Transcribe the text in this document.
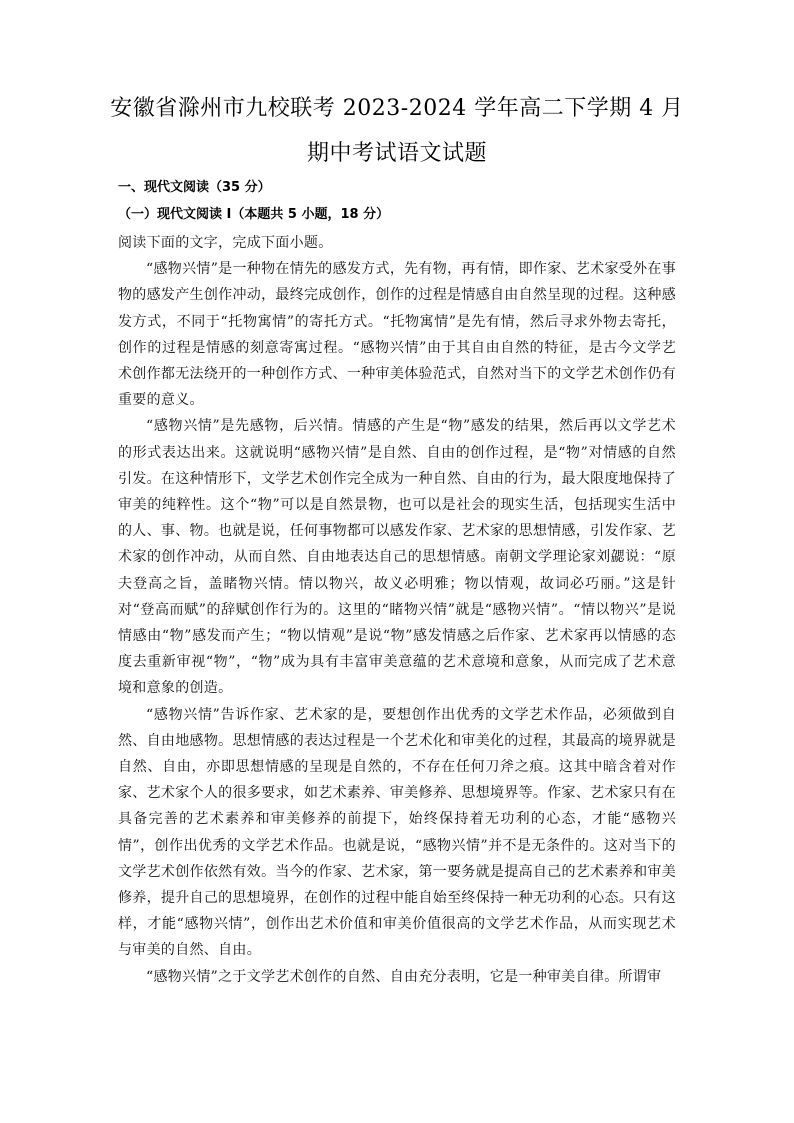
安徽省滁州市九校联考 2023-2024 学年高二下学期 4 月
期中考试语文试题
一、现代文阅读（35 分）
（一）现代文阅读 I（本题共 5 小题，18 分）

阅读下面的文字，完成下面小题。

“感物兴情”是一种物在情先的感发方式，先有物，再有情，即作家、艺术家受外在事物的感发产生创作冲动，最终完成创作，创作的过程是情感自由自然呈现的过程。这种感发方式，不同于“托物寓情”的寄托方式。“托物寓情”是先有情，然后寻求外物去寄托，创作的过程是情感的刻意寄寓过程。“感物兴情”由于其自由自然的特征，是古今文学艺术创作都无法绕开的一种创作方式、一种审美体验范式，自然对当下的文学艺术创作仍有重要的意义。

“感物兴情”是先感物，后兴情。情感的产生是“物”感发的结果，然后再以文学艺术的形式表达出来。这就说明“感物兴情”是自然、自由的创作过程，是“物”对情感的自然引发。在这种情形下，文学艺术创作完全成为一种自然、自由的行为，最大限度地保持了审美的纯粹性。这个“物”可以是自然景物，也可以是社会的现实生活，包括现实生活中的人、事、物。也就是说，任何事物都可以感发作家、艺术家的思想情感，引发作家、艺术家的创作冲动，从而自然、自由地表达自己的思想情感。南朝文学理论家刘勰说：“原夫登高之旨，盖睹物兴情。情以物兴，故义必明雅；物以情观，故词必巧丽。”这是针对“登高而赋”的辞赋创作行为的。这里的“睹物兴情”就是“感物兴情”。“情以物兴”是说情感由“物”感发而产生；“物以情观”是说“物”感发情感之后作家、艺术家再以情感的态度去重新审视“物”，“物”成为具有丰富审美意蕴的艺术意境和意象，从而完成了艺术意境和意象的创造。

“感物兴情”告诉作家、艺术家的是，要想创作出优秀的文学艺术作品，必须做到自然、自由地感物。思想情感的表达过程是一个艺术化和审美化的过程，其最高的境界就是自然、自由，亦即思想情感的呈现是自然的，不存在任何刀斧之痕。这其中暗含着对作家、艺术家个人的很多要求，如艺术素养、审美修养、思想境界等。作家、艺术家只有在具备完善的艺术素养和审美修养的前提下，始终保持着无功利的心态，才能“感物兴情”，创作出优秀的文学艺术作品。也就是说，“感物兴情”并不是无条件的。这对当下的文学艺术创作依然有效。当今的作家、艺术家，第一要务就是提高自己的艺术素养和审美修养，提升自己的思想境界，在创作的过程中能自始至终保持一种无功利的心态。只有这样，才能“感物兴情”，创作出艺术价值和审美价值很高的文学艺术作品，从而实现艺术与审美的自然、自由。

“感物兴情”之于文学艺术创作的自然、自由充分表明，它是一种审美自律。所谓审
